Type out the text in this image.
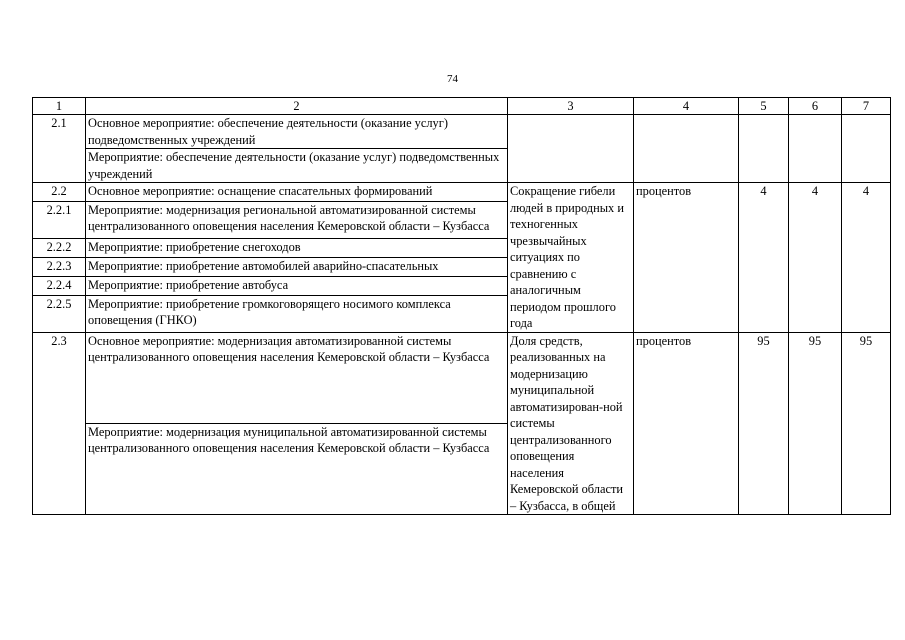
74
1	2	3	4	5	6	7
2.1	Основное мероприятие: обеспечение деятельности (оказание услуг) подведомственных учреждений					
	Мероприятие: обеспечение деятельности (оказание услуг) подведомственных учреждений					
2.2	Основное мероприятие: оснащение спасательных формирований	Сокращение гибели людей в природных и техногенных чрезвычайных ситуациях по сравнению с аналогичным периодом прошлого года	процентов	4	4	4
2.2.1	Мероприятие: модернизация региональной автоматизированной системы централизованного оповещения населения Кемеровской области – Кузбасса					
2.2.2	Мероприятие: приобретение снегоходов					
2.2.3	Мероприятие: приобретение автомобилей аварийно-спасательных					
2.2.4	Мероприятие: приобретение автобуса					
2.2.5	Мероприятие: приобретение громкоговорящего носимого комплекса оповещения (ГНКО)					
2.3	Основное мероприятие: модернизация автоматизированной системы централизованного оповещения населения Кемеровской области – Кузбасса	Доля средств, реализованных на модернизацию муниципальной автоматизирован-ной системы централизованного оповещения населения Кемеровской области – Кузбасса, в общей	процентов	95	95	95
	Мероприятие: модернизация муниципальной автоматизированной системы централизованного оповещения населения Кемеровской области – Кузбасса					
